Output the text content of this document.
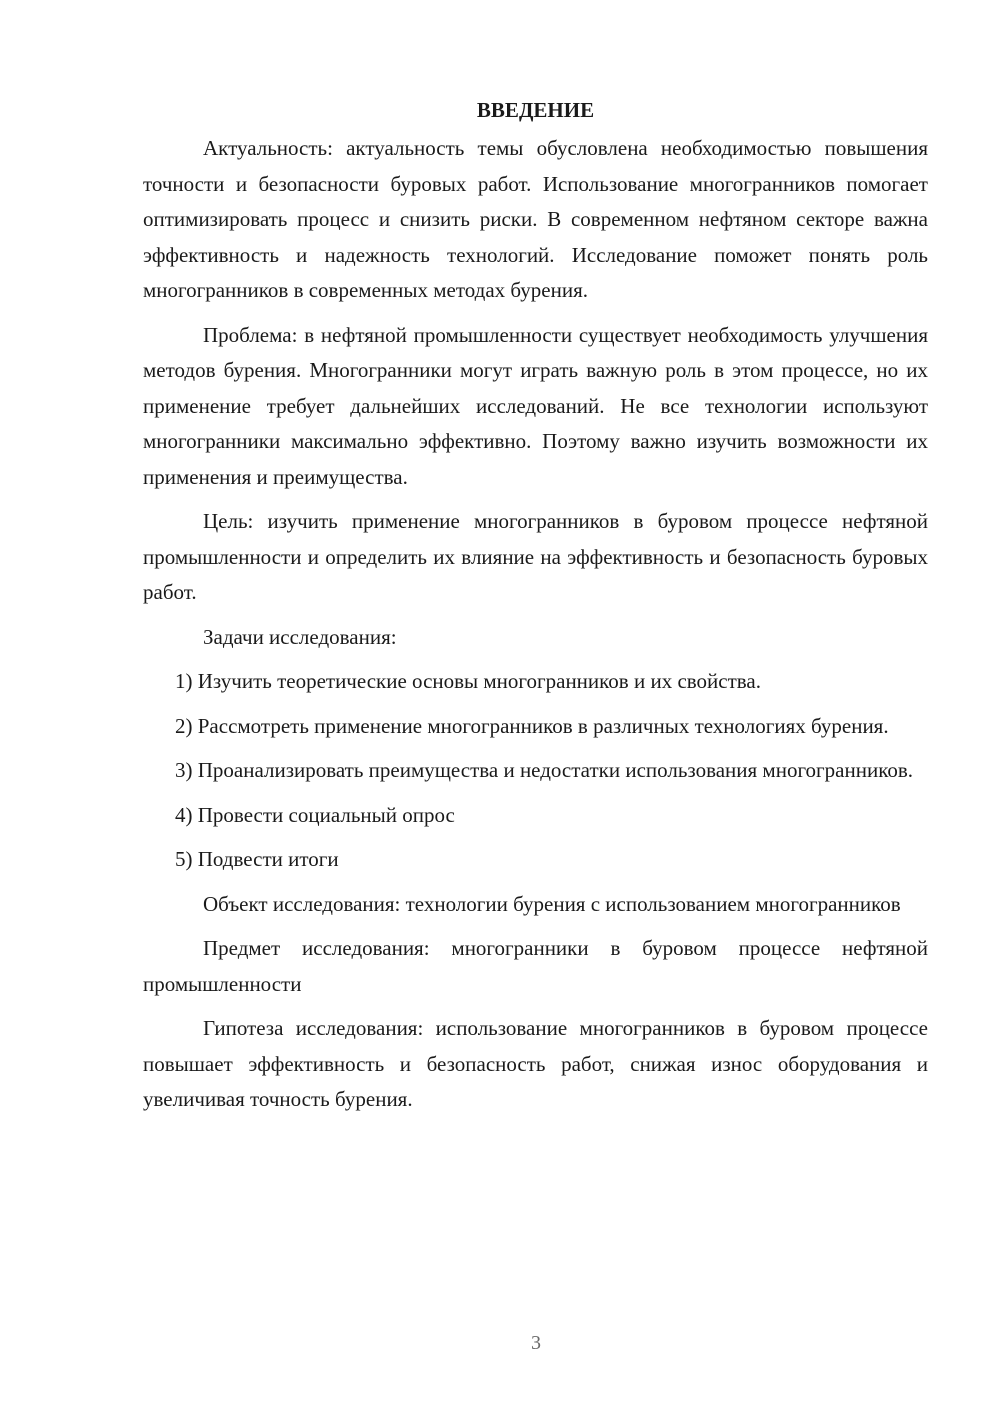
ВВЕДЕНИЕ

Актуальность: актуальность темы обусловлена необходимостью повышения точности и безопасности буровых работ. Использование многогранников помогает оптимизировать процесс и снизить риски. В современном нефтяном секторе важна эффективность и надежность технологий. Исследование поможет понять роль многогранников в современных методах бурения.

Проблема: в нефтяной промышленности существует необходимость улучшения методов бурения. Многогранники могут играть важную роль в этом процессе, но их применение требует дальнейших исследований. Не все технологии используют многогранники максимально эффективно. Поэтому важно изучить возможности их применения и преимущества.

Цель: изучить применение многогранников в буровом процессе нефтяной промышленности и определить их влияние на эффективность и безопасность буровых работ.

Задачи исследования:

1) Изучить теоретические основы многогранников и их свойства.

2) Рассмотреть применение многогранников в различных технологиях бурения.

3) Проанализировать преимущества и недостатки использования многогранников.

4) Провести социальный опрос

5) Подвести итоги

Объект исследования: технологии бурения с использованием многогранников

Предмет исследования: многогранники в буровом процессе нефтяной промышленности

Гипотеза исследования: использование многогранников в буровом процессе повышает эффективность и безопасность работ, снижая износ оборудования и увеличивая точность бурения.

3
